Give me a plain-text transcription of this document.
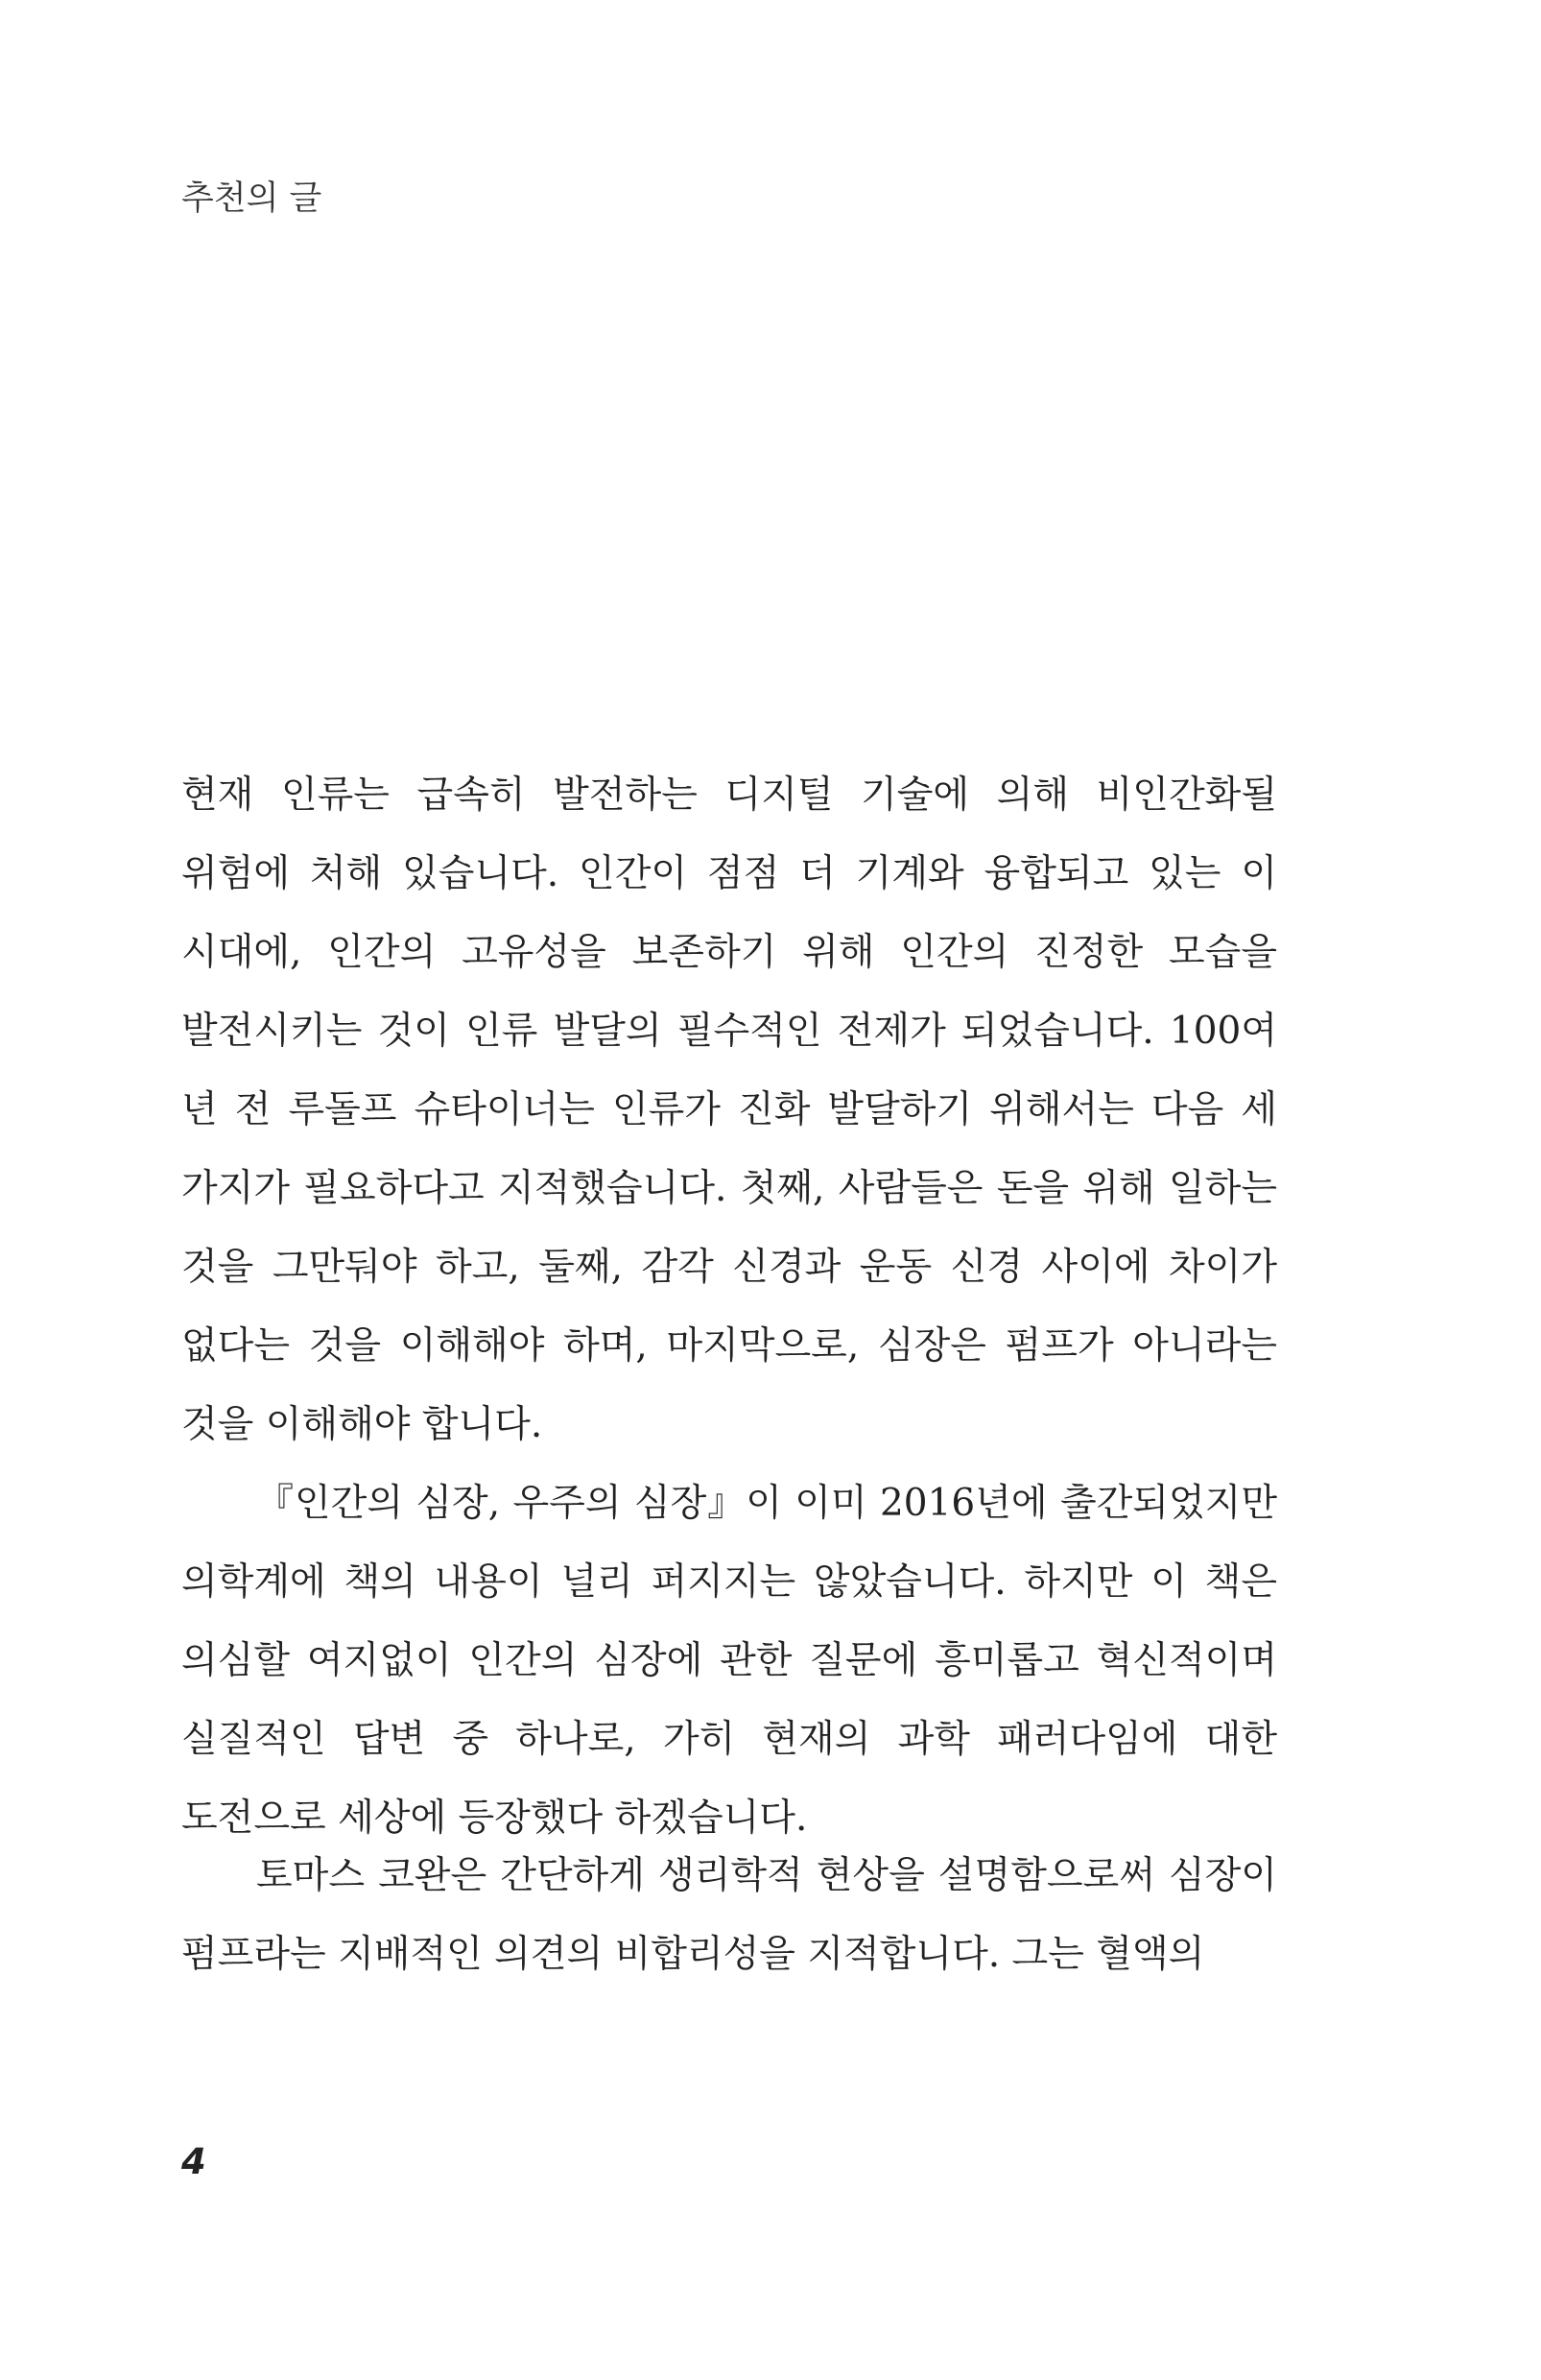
추천의 글

현재 인류는 급속히 발전하는 디지털 기술에 의해 비인간화될 위험에 처해 있습니다. 인간이 점점 더 기계와 융합되고 있는 이 시대에, 인간의 고유성을 보존하기 위해 인간의 진정한 모습을 발전시키는 것이 인류 발달의 필수적인 전제가 되었습니다. 100여 년 전 루돌프 슈타이너는 인류가 진화 발달하기 위해서는 다음 세 가지가 필요하다고 지적했습니다. 첫째, 사람들은 돈을 위해 일하는 것을 그만둬야 하고, 둘째, 감각 신경과 운동 신경 사이에 차이가 없다는 것을 이해해야 하며, 마지막으로, 심장은 펌프가 아니라는 것을 이해해야 합니다.

『인간의 심장, 우주의 심장』이 이미 2016년에 출간되었지만 의학계에 책의 내용이 널리 퍼지지는 않았습니다. 하지만 이 책은 의심할 여지없이 인간의 심장에 관한 질문에 흥미롭고 혁신적이며 실질적인 답변 중 하나로, 가히 현재의 과학 패러다임에 대한 도전으로 세상에 등장했다 하겠습니다.

토마스 코완은 간단하게 생리학적 현상을 설명함으로써 심장이 펌프라는 지배적인 의견의 비합리성을 지적합니다. 그는 혈액의

4
